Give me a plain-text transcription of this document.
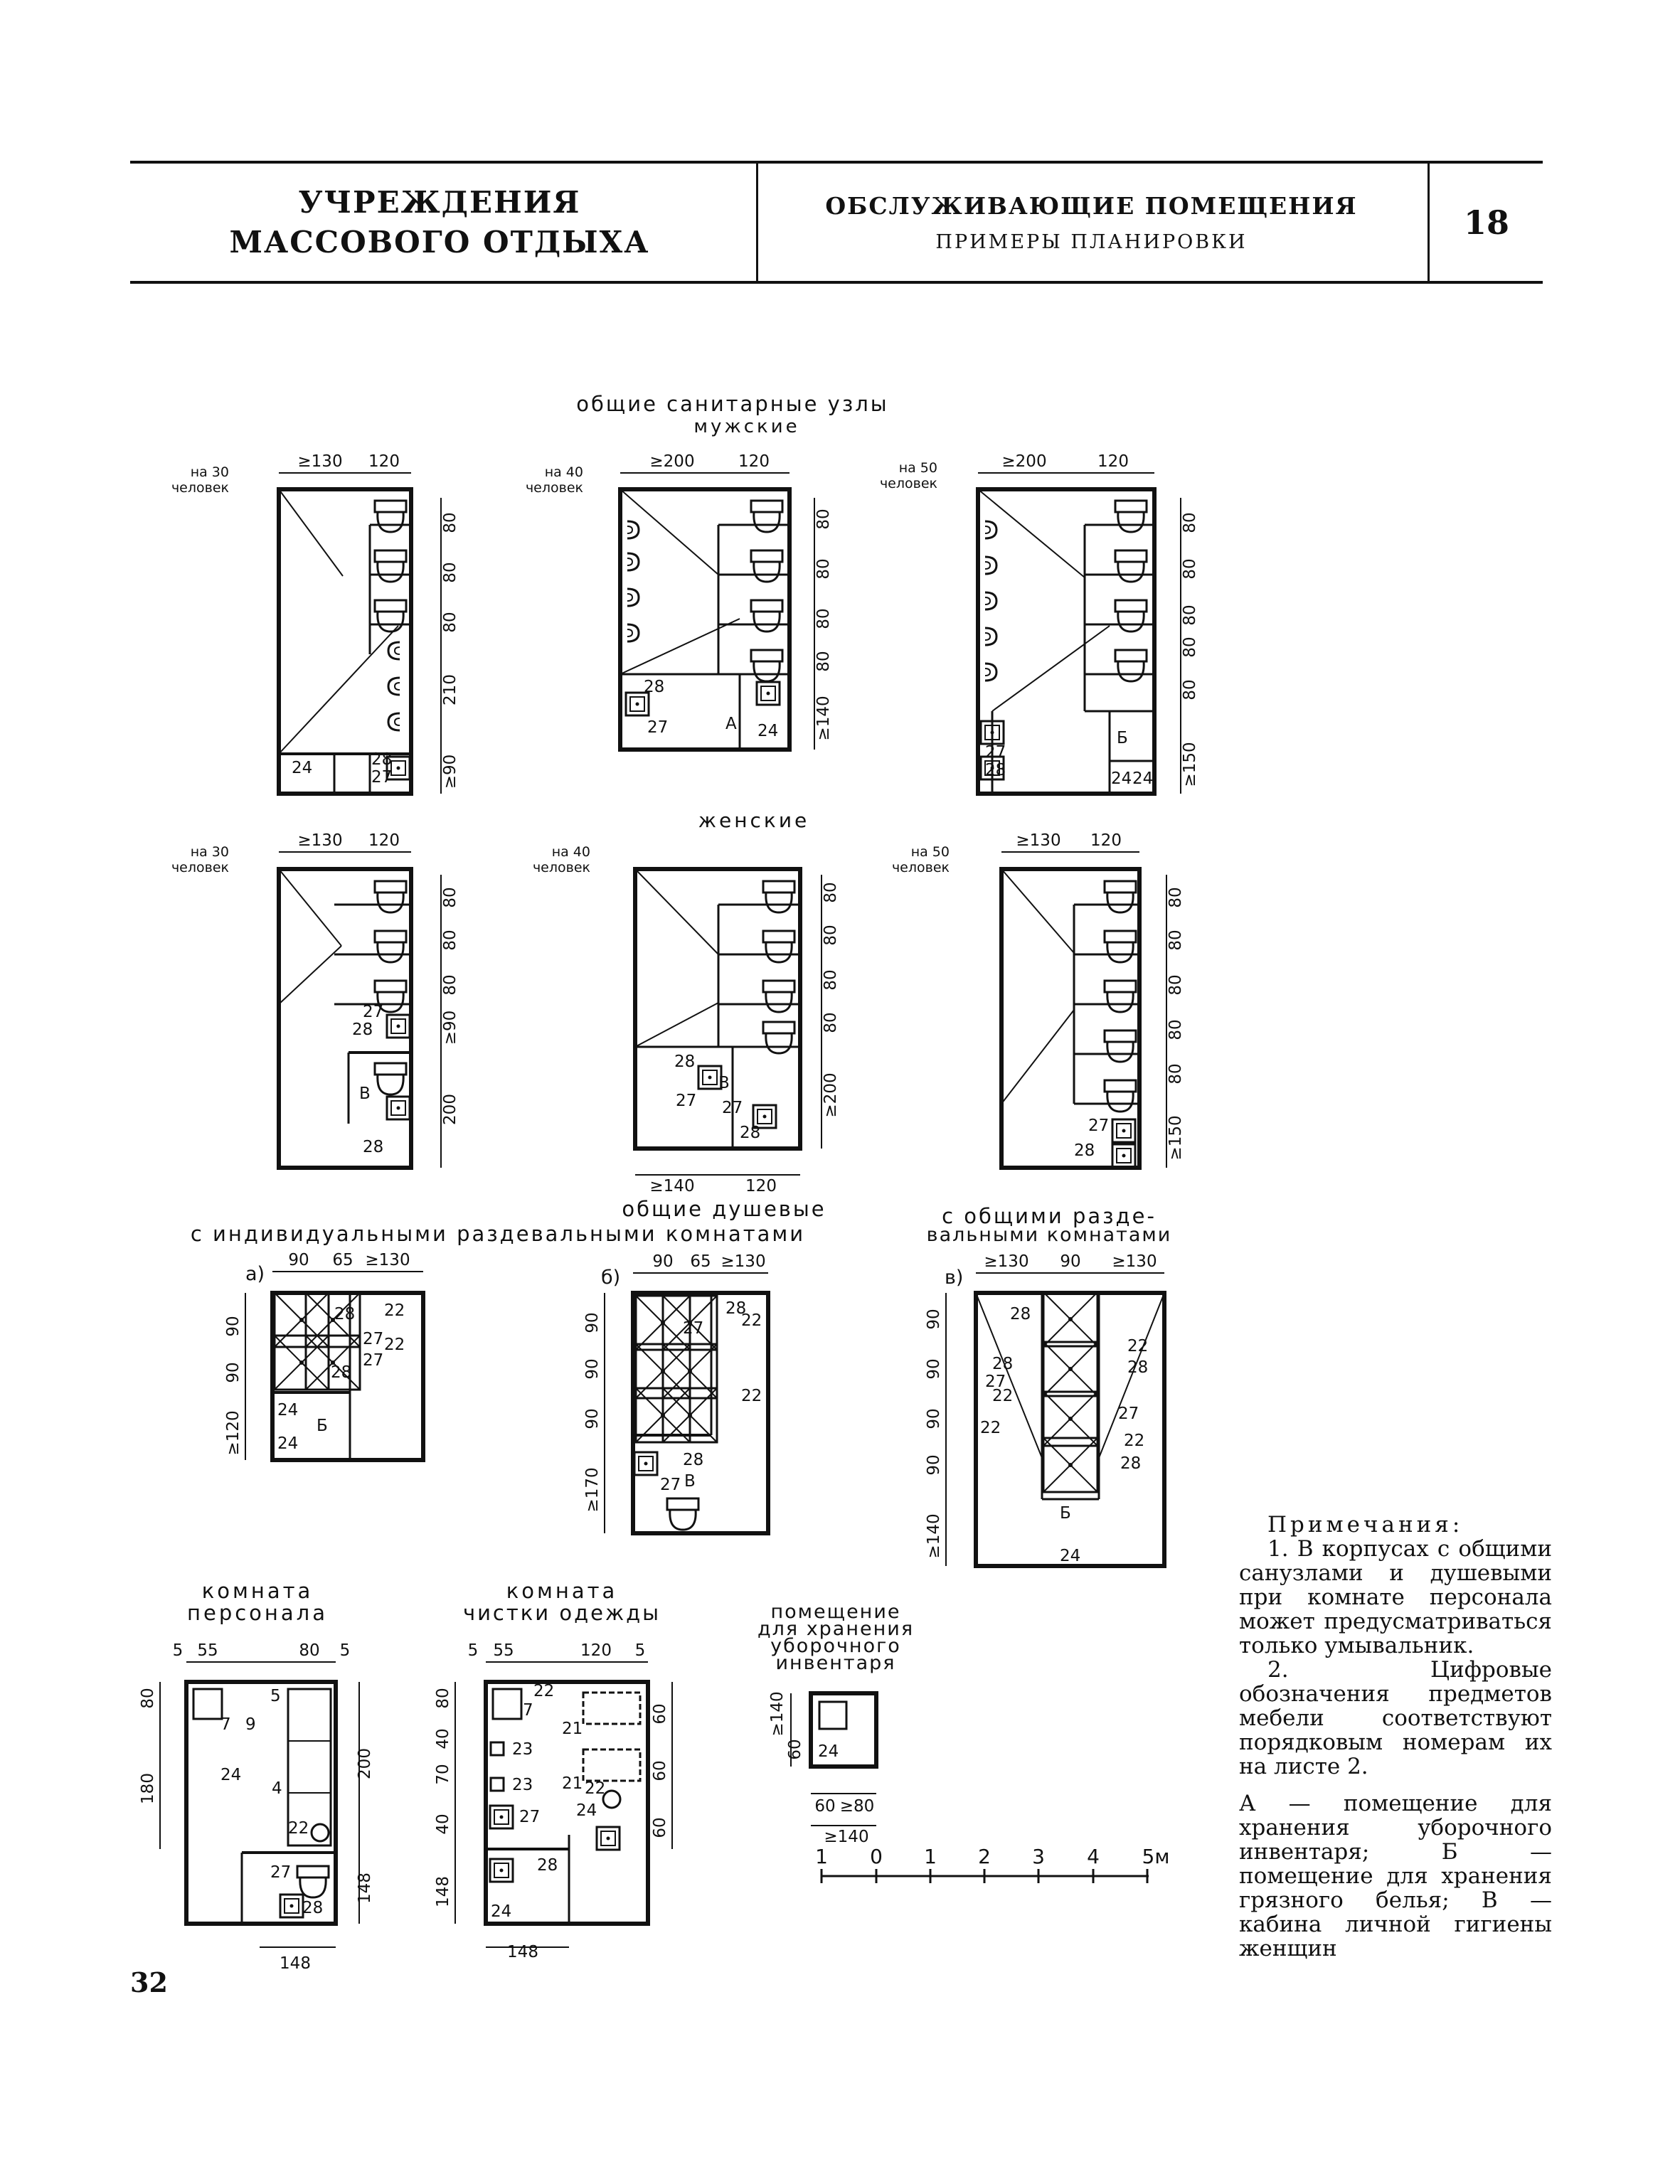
УЧРЕЖДЕНИЯ
МАССОВОГО ОТДЫХА
ОБСЛУЖИВАЮЩИЕ ПОМЕЩЕНИЯ
ПРИМЕРЫ ПЛАНИРОВКИ
18
общие санитарные узлы
мужские
женские
общие душевые
с индивидуальными раздевальными комнатами
с общими разде-
вальными комнатами
комната
персонала
комната
чистки одежды	помещение
для хранения
уборочного
инвентаря
на 30
человек
на 40
человек
на 50
человек
на 30
человек
на 40
человек
на 50
человек
24	28
27
28
27	А 24
27
28
Б
24 24
27
28
В
28
28
27
В
27
28	27
28
28 22
27 22
27
28
24
Б
24
28
22
27
22
28
27 В
28
28
27
22
22
22
28
27
22
28
Б
24
5
7 9
24
4
22
27
28
22
7
21
23
23 21 22
27 24
28
24
24
а)	б)	в)
≥130 120	≥200	120	≥200	120
≥130 120	≥130 120
≥140	120
90 65 ≥130	90 65 ≥130	≥130 90 ≥130
5 55	80 5	5 55	120 5
148
148
60 ≥80
≥140
80
80
80
210
≥90
80
80
80
80
≥140
80
80
80
80
80
≥150
80
80
80
≥90
200
80
80
80
80
≥200
80
80
80
80
80
≥150
90
90
≥120
90
90
90
≥170
90
90
90
90
≥140
80
180
200
148
80
40
70
40
148
60
60
60
≥140
60
1 0 1 2 3 4 5м

Примечания:

1. В корпусах с общими санузлами и душевыми при комнате персонала может предусматриваться только умывальник.

2. Цифровые обозначения предметов мебели соответствуют порядковым номерам их на листе 2.

А — помещение для хранения уборочного инвентаря; Б — помещение для хранения грязного белья; В — кабина личной гигиены женщин

32
